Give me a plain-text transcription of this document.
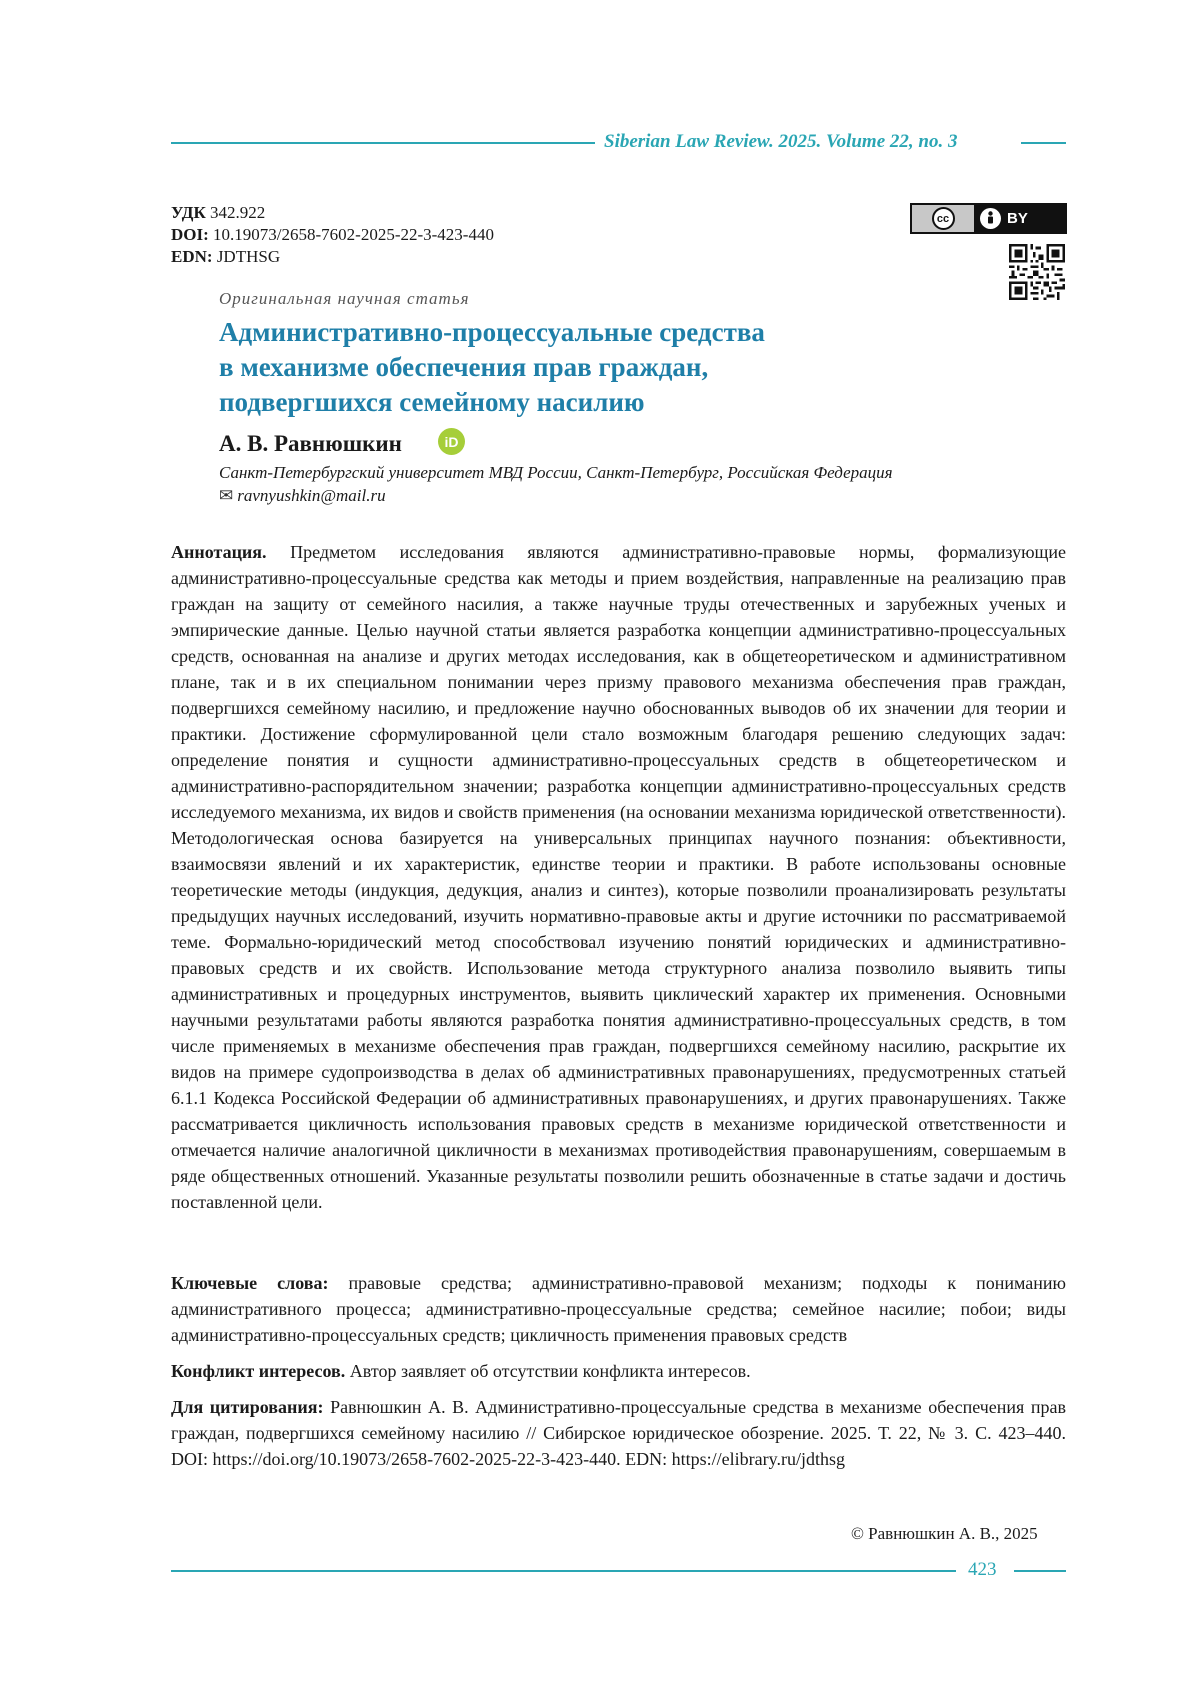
Siberian Law Review. 2025. Volume 22, no. 3
УДК 342.922
DOI: 10.19073/2658-7602-2025-22-3-423-440
EDN: JDTHSG
cc	BY
Оригинальная научная статья
Административно-процессуальные средства
в механизме обеспечения прав граждан,
подвергшихся семейному насилию
А. В. Равнюшкин	iD
Санкт-Петербургский университет МВД России, Санкт-Петербург, Российская Федерация
✉ ravnyushkin@mail.ru
Аннотация. Предметом исследования являются административно-правовые нормы, формализующие административно-процессуальные средства как методы и прием воздействия, направленные на реализацию прав граждан на защиту от семейного насилия, а также научные труды отечественных и зарубежных ученых и эмпирические данные. Целью научной статьи является разработка концепции административно-процессуальных средств, основанная на анализе и других методах исследования, как в общетеоретическом и административном плане, так и в их специальном понимании через призму правового механизма обеспечения прав граждан, подвергшихся семейному насилию, и предложение научно обоснованных выводов об их значении для теории и практики. Достижение сформулированной цели стало возможным благодаря решению следующих задач: определение понятия и сущности административно-процессуальных средств в общетеоретическом и административно-распорядительном значении; разработка концепции административно-процессуальных средств исследуемого механизма, их видов и свойств применения (на основании механизма юридической ответственности). Методологическая основа базируется на универсальных принципах научного познания: объективности, взаимосвязи явлений и их характеристик, единстве теории и практики. В работе использованы основные теоретические методы (индукция, дедукция, анализ и синтез), которые позволили проанализировать результаты предыдущих научных исследований, изучить нормативно-правовые акты и другие источники по рассматриваемой теме. Формально-юридический метод способствовал изучению понятий юридических и административно-правовых средств и их свойств. Использование метода структурного анализа позволило выявить типы административных и процедурных инструментов, выявить циклический характер их применения. Основными научными результатами работы являются разработка понятия административно-процессуальных средств, в том числе применяемых в механизме обеспечения прав граждан, подвергшихся семейному насилию, раскрытие их видов на примере судопроизводства в делах об административных правонарушениях, предусмотренных статьей 6.1.1 Кодекса Российской Федерации об административных правонарушениях, и других правонарушениях. Также рассматривается цикличность использования правовых средств в механизме юридической ответственности и отмечается наличие аналогичной цикличности в механизмах противодействия правонарушениям, совершаемым в ряде общественных отношений. Указанные результаты позволили решить обозначенные в статье задачи и достичь поставленной цели.
Ключевые слова: правовые средства; административно-правовой механизм; подходы к пониманию административного процесса; административно-процессуальные средства; семейное насилие; побои; виды административно-процессуальных средств; цикличность применения правовых средств
Конфликт интересов. Автор заявляет об отсутствии конфликта интересов.
Для цитирования: Равнюшкин А. В. Административно-процессуальные средства в механизме обеспечения прав граждан, подвергшихся семейному насилию // Сибирское юридическое обозрение. 2025. Т. 22, № 3. С. 423–440. DOI: https://doi.org/10.19073/2658-7602-2025-22-3-423-440. EDN: https://elibrary.ru/jdthsg
© Равнюшкин А. В., 2025
423
